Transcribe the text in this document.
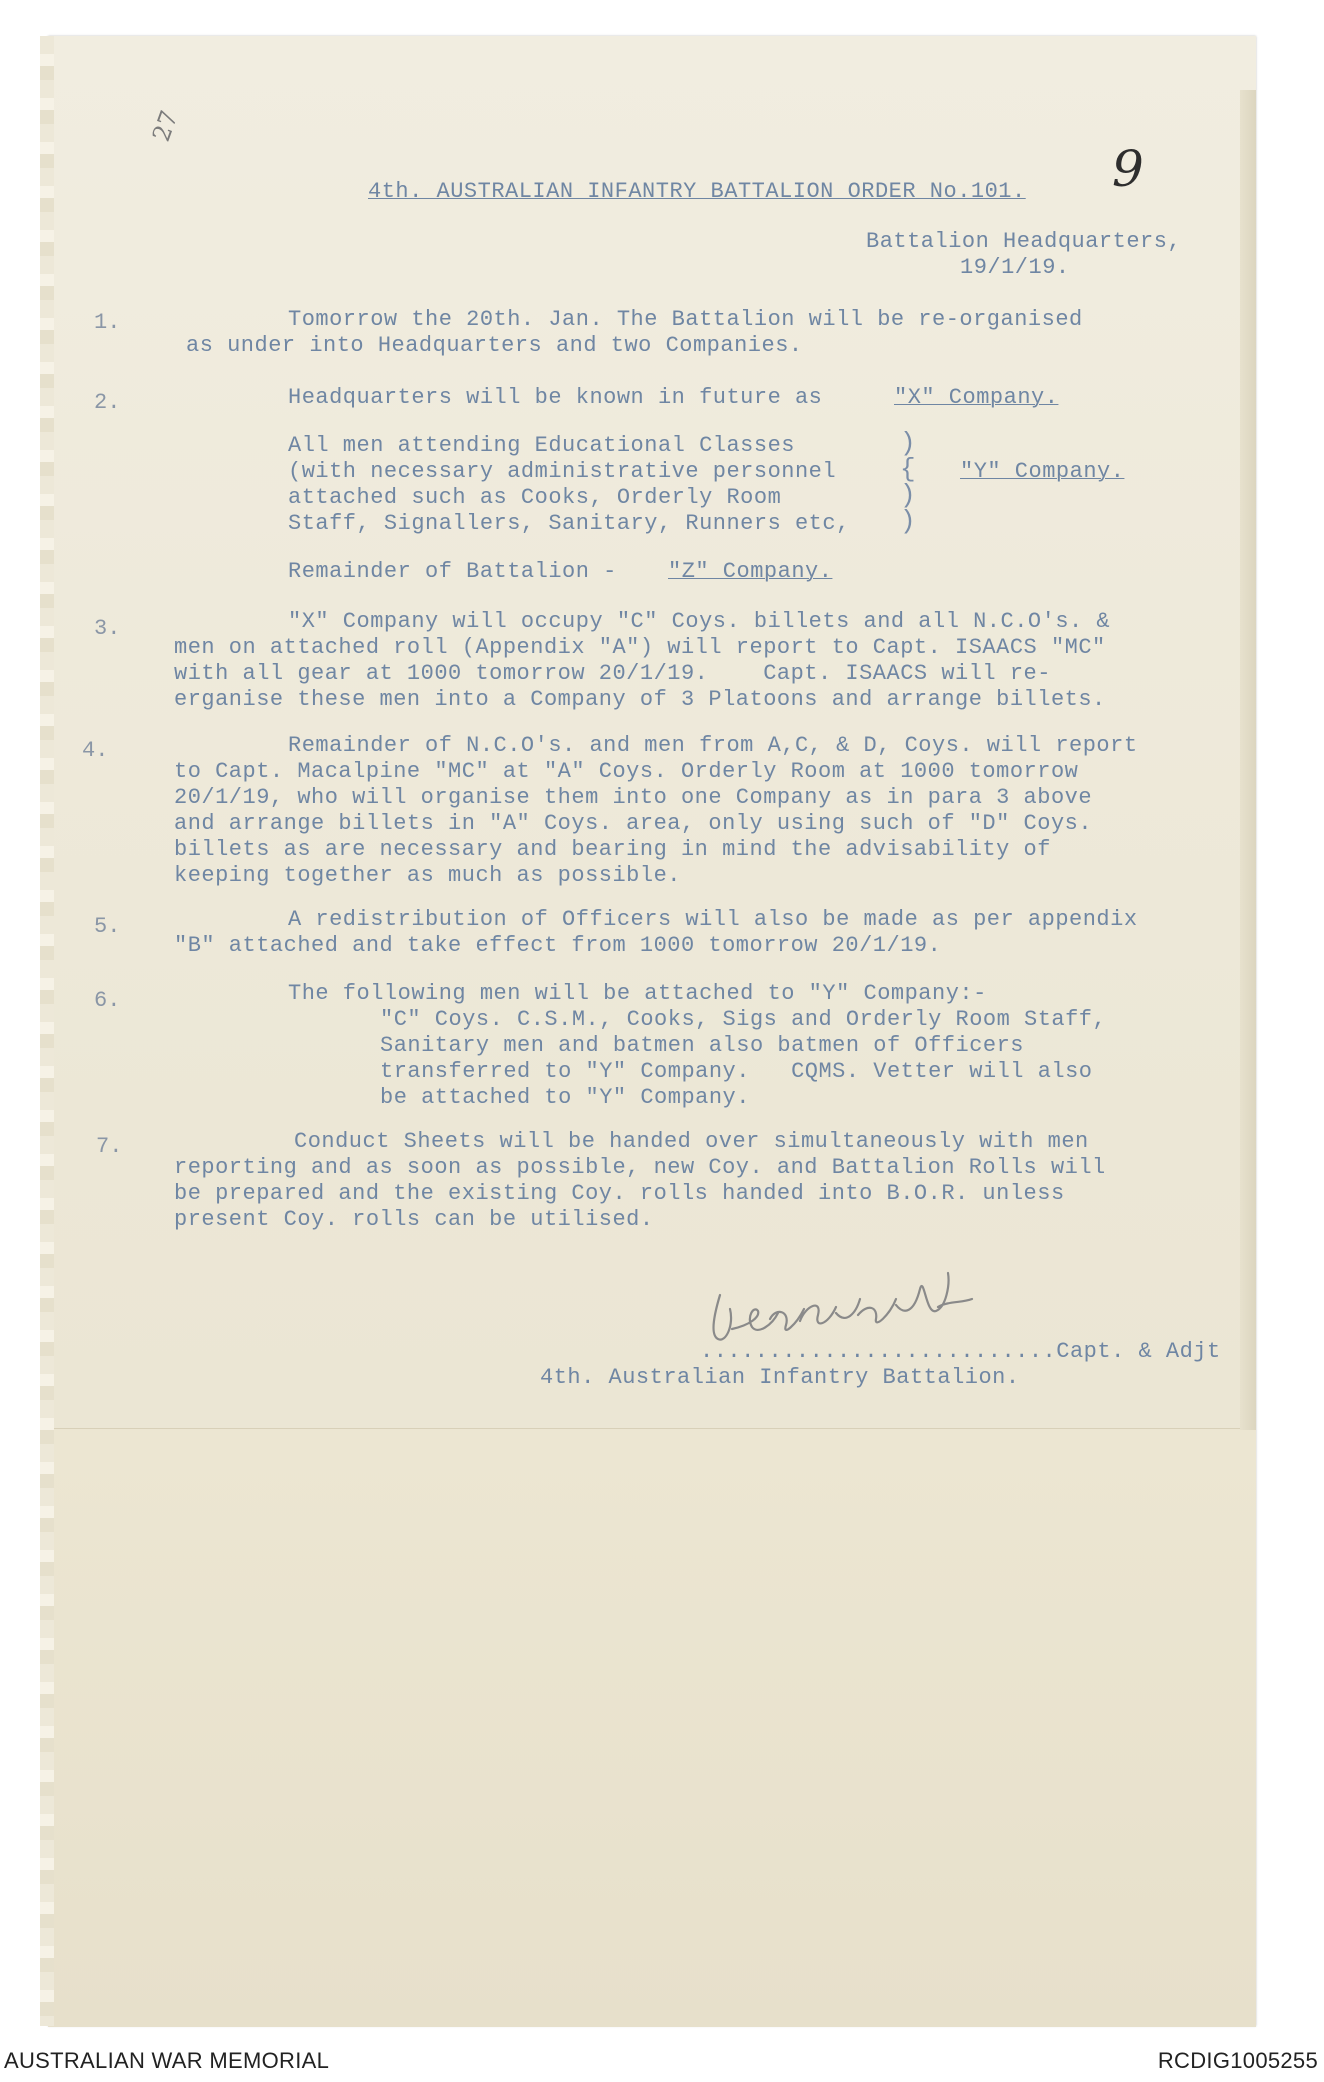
27
9
4th. AUSTRALIAN INFANTRY BATTALION ORDER No.101.
Battalion Headquarters,
19/1/19.
1.	Tomorrow the 20th. Jan. The Battalion will be re-organised
as under into Headquarters and two Companies.
2.	Headquarters will be known in future as	"X" Company.
All men attending Educational Classes
(with necessary administrative personnel
attached such as Cooks, Orderly Room
Staff, Signallers, Sanitary, Runners etc,
)
{
)
)
"Y" Company.
Remainder of Battalion - "Z" Company.
3.	"X" Company will occupy "C" Coys. billets and all N.C.O's. &
men on attached roll (Appendix "A") will report to Capt. ISAACS "MC"
with all gear at 1000 tomorrow 20/1/19.    Capt. ISAACS will re-
erganise these men into a Company of 3 Platoons and arrange billets.
4.	Remainder of N.C.O's. and men from A,C, & D, Coys. will report
to Capt. Macalpine "MC" at "A" Coys. Orderly Room at 1000 tomorrow
20/1/19, who will organise them into one Company as in para 3 above
and arrange billets in "A" Coys. area, only using such of "D" Coys.
billets as are necessary and bearing in mind the advisability of
keeping together as much as possible.
5.	A redistribution of Officers will also be made as per appendix
"B" attached and take effect from 1000 tomorrow 20/1/19.
6.	The following men will be attached to "Y" Company:-
"C" Coys. C.S.M., Cooks, Sigs and Orderly Room Staff,
Sanitary men and batmen also batmen of Officers
transferred to "Y" Company.   CQMS. Vetter will also
be attached to "Y" Company.
7.	Conduct Sheets will be handed over simultaneously with men
reporting and as soon as possible, new Coy. and Battalion Rolls will
be prepared and the existing Coy. rolls handed into B.O.R. unless
present Coy. rolls can be utilised.
..........................Capt. & Adjt
4th. Australian Infantry Battalion.
AUSTRALIAN WAR MEMORIAL	RCDIG1005255
